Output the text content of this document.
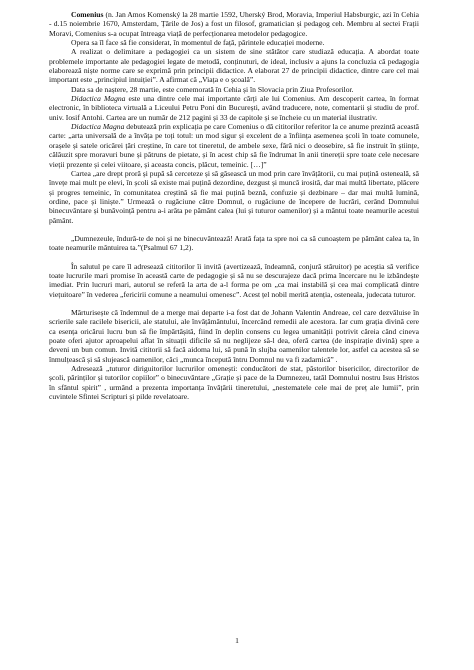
Comenius (n. Jan Amos Komenský la 28 martie 1592, Uherský Brod, Moravia, Imperiul Habsburgic, azi în Cehia - d.15 noiembrie 1670, Amsterdam, Țările de Jos) a fost un filosof, gramatician și pedagog ceh. Membru al sectei Frații Moravi, Comenius s-a ocupat întreaga viață de perfecționarea metodelor pedagogice.

Opera sa îl face să fie considerat, în momentul de față, părintele educației moderne.

A realizat o delimitare a pedagogiei ca un sistem de sine stătător care studiază educația. A abordat toate problemele importante ale pedagogiei legate de metodă, conținuturi, de ideal, inclusiv a ajuns la concluzia că pedagogia elaborează niște norme care se exprimă prin principii didactice. A elaborat 27 de principii didactice, dintre care cel mai important este „principiul intuiției”. A afirmat că „Viața e o școală”.

Data sa de naștere, 28 martie, este comemorată în Cehia și în Slovacia prin Ziua Profesorilor.

Didactica Magna este una dintre cele mai importante cărți ale lui Comenius. Am descoperit cartea, în format electronic, în biblioteca virtuală a Liceului Petru Poni din București, având traducere, note, comentarii și studiu de prof. univ. Iosif Antohi. Cartea are un număr de 212 pagini și 33 de capitole și se încheie cu un material ilustrativ.

Didactica Magna debutează prin explicația pe care Comenius o dă cititorilor referitor la ce anume prezintă această carte: „arta universală de a învăța pe toți totul: un mod sigur și excelent de a înființa asemenea școli în toate comunele, orașele și satele oricărei țări creștine, în care tot tineretul, de ambele sexe, fără nici o deosebire, să fie instruit în științe, călăuzit spre moravuri bune și pătruns de pietate, și în acest chip să fie îndrumat în anii tinereții spre toate cele necesare vieții prezente și celei viitoare, și aceasta concis, plăcut, temeinic. […]”

Cartea „are drept proră și pupă să cerceteze și să găsească un mod prin care învățătorii, cu mai puțină osteneală, să învețe mai mult pe elevi, în școli să existe mai puțină dezordine, dezgust și muncă irosită, dar mai multă libertate, plăcere și progres temeinic, în comunitatea creștină să fie mai puțină beznă, confuzie și dezbinare – dar mai multă lumină, ordine, pace și liniște.” Urmează o rugăciune către Domnul, o rugăciune de începere de lucrări, cerând Domnului binecuvântare și bunăvoință pentru a-i arăta pe pământ calea (lui și tuturor oamenilor) și a mântui toate neamurile acestui pământ.

„Dumnezeule, îndură-te de noi și ne binecuvântează! Arată fața ta spre noi ca să cunoaștem pe pământ calea ta, în toate neamurile mântuirea ta.”(Psalmul 67 1,2).

În salutul pe care îl adresează cititorilor îi invită (avertizează, îndeamnă, conjură stăruitor) pe aceștia să verifice toate lucrurile mari promise în această carte de pedagogie și să nu se descurajeze dacă prima încercare nu le izbândește imediat. Prin lucruri mari, autorul se referă la arta de a-l forma pe om „ca mai instabilă și cea mai complicată dintre viețuitoare” în vederea „fericirii comune a neamului omenesc”. Acest țel nobil merită atenția, osteneala, judecata tuturor.

Mărturisește că îndemnul de a merge mai departe i-a fost dat de Johann Valentin Andreae, cel care dezvăluise în scrierile sale racilele bisericii, ale statului, ale învățământului, încercând remedii ale acestora. Iar cum grația divină cere ca esența oricărui lucru bun să fie împărtășită, fiind în deplin consens cu legea umanității potrivit căreia când cineva poate oferi ajutor aproapelui aflat în situații dificile să nu neglijeze să-l dea, oferă cartea (de inspirație divină) spre a deveni un bun comun. Invită cititorii să facă aidoma lui, să pună în slujba oamenilor talentele lor, astfel ca acestea să se înmulțească și să slujească oamenilor, căci „munca începută întru Domnul nu va fi zadarnică” .

Adresează „tuturor diriguitorilor lucrurilor omenești: conducători de stat, păstorilor bisericilor, directorilor de școli, părinților și tutorilor copiilor” o binecuvântare „Grație și pace de la Dumnezeu, tatăl Domnului nostru Isus Hristos în sfântul spirit” , urmând a prezenta importanța învățării tineretului, „nestematele cele mai de preț ale lumii”, prin cuvintele Sfintei Scripturi și pilde revelatoare.

1
